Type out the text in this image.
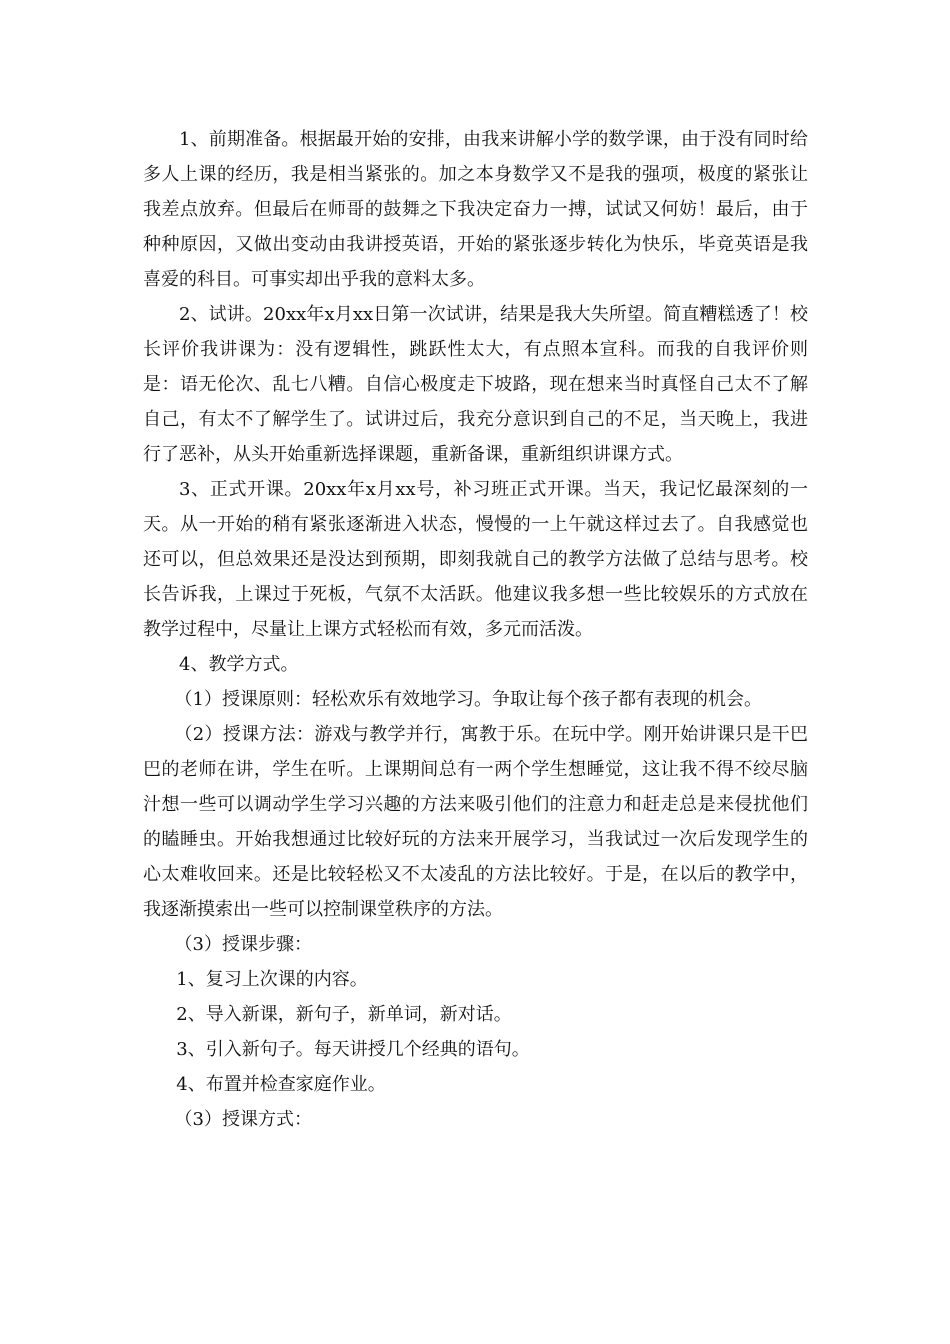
1、前期准备。根据最开始的安排，由我来讲解小学的数学课，由于没有同时给多人上课的经历，我是相当紧张的。加之本身数学又不是我的强项，极度的紧张让我差点放弃。但最后在师哥的鼓舞之下我决定奋力一搏，试试又何妨！最后，由于种种原因，又做出变动由我讲授英语，开始的紧张逐步转化为快乐，毕竟英语是我喜爱的科目。可事实却出乎我的意料太多。

2、试讲。20xx年x月xx日第一次试讲，结果是我大失所望。简直糟糕透了！校长评价我讲课为：没有逻辑性，跳跃性太大，有点照本宣科。而我的自我评价则是：语无伦次、乱七八糟。自信心极度走下坡路，现在想来当时真怪自己太不了解自己，有太不了解学生了。试讲过后，我充分意识到自己的不足，当天晚上，我进行了恶补，从头开始重新选择课题，重新备课，重新组织讲课方式。

3、正式开课。20xx年x月xx号，补习班正式开课。当天，我记忆最深刻的一天。从一开始的稍有紧张逐渐进入状态，慢慢的一上午就这样过去了。自我感觉也还可以，但总效果还是没达到预期，即刻我就自己的教学方法做了总结与思考。校长告诉我，上课过于死板，气氛不太活跃。他建议我多想一些比较娱乐的方式放在教学过程中，尽量让上课方式轻松而有效，多元而活泼。

4、教学方式。

（1）授课原则：轻松欢乐有效地学习。争取让每个孩子都有表现的机会。

（2）授课方法：游戏与教学并行，寓教于乐。在玩中学。刚开始讲课只是干巴巴的老师在讲，学生在听。上课期间总有一两个学生想睡觉，这让我不得不绞尽脑汁想一些可以调动学生学习兴趣的方法来吸引他们的注意力和赶走总是来侵扰他们的瞌睡虫。开始我想通过比较好玩的方法来开展学习，当我试过一次后发现学生的心太难收回来。还是比较轻松又不太凌乱的方法比较好。于是，在以后的教学中，我逐渐摸索出一些可以控制课堂秩序的方法。

（3）授课步骤：

1、复习上次课的内容。

2、导入新课，新句子，新单词，新对话。

3、引入新句子。每天讲授几个经典的语句。

4、布置并检查家庭作业。

（3）授课方式：
